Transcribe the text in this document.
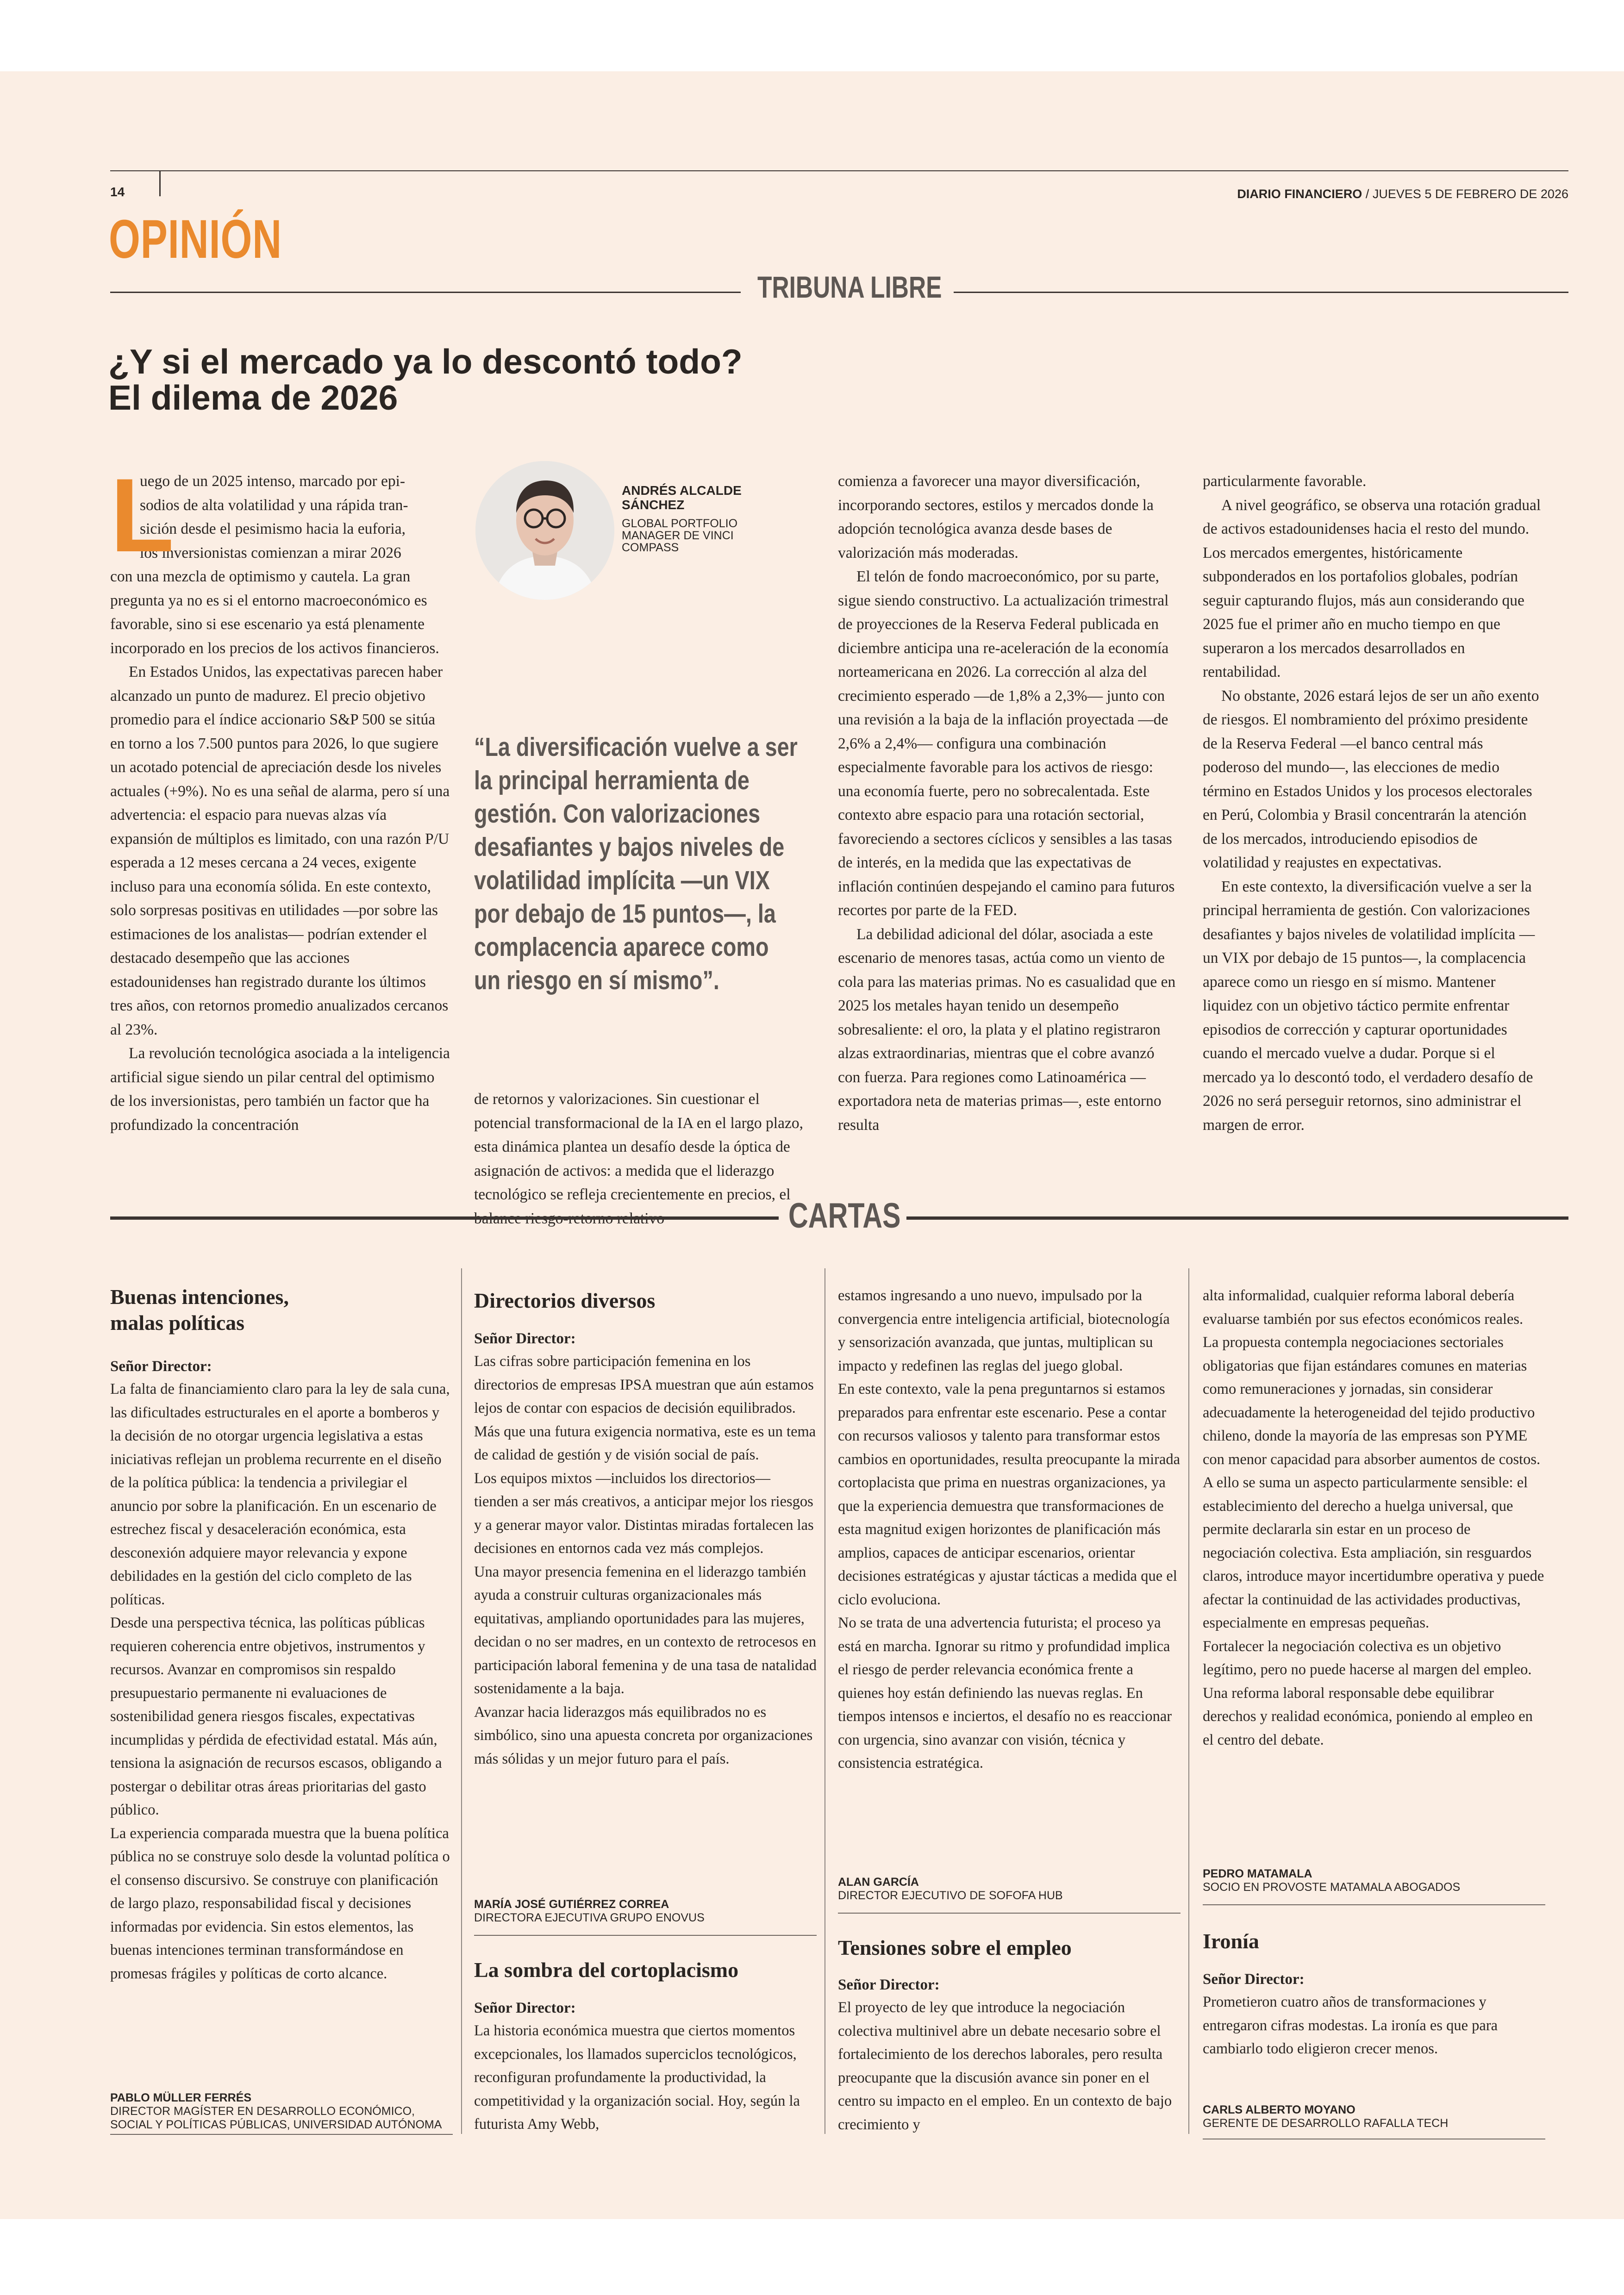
14	DIARIO FINANCIERO / JUEVES 5 DE FEBRERO DE 2026
OPINIÓN
TRIBUNA LIBRE
¿Y si el mercado ya lo descontó todo?
El dilema de 2026
L
uego de un 2025 intenso, marcado por epi-
sodios de alta volatilidad y una rápida tran-
sición desde el pesimismo hacia la euforia,
los inversionistas comienzan a mirar 2026

con una mezcla de optimismo y cautela. La gran pregunta ya no es si el entorno macroeconómico es favorable, sino si ese escenario ya está plenamente incorporado en los precios de los activos financieros.

En Estados Unidos, las expectativas parecen haber alcanzado un punto de madurez. El precio objetivo promedio para el índice accionario S&P 500 se sitúa en torno a los 7.500 puntos para 2026, lo que sugiere un acotado potencial de apreciación desde los niveles actuales (+9%). No es una señal de alarma, pero sí una advertencia: el espacio para nuevas alzas vía expansión de múltiplos es limitado, con una razón P/U esperada a 12 meses cercana a 24 veces, exigente incluso para una economía sólida. En este contexto, solo sorpresas positivas en utilidades —por sobre las estimaciones de los analistas— podrían extender el destacado desempeño que las acciones estadounidenses han registrado durante los últimos tres años, con retornos promedio anualizados cercanos al 23%.

La revolución tecnológica asociada a la inteligencia artificial sigue siendo un pilar central del optimismo de los inversionistas, pero también un factor que ha profundizado la concentración

ANDRÉS ALCALDE
SÁNCHEZ
GLOBAL PORTFOLIO
MANAGER DE VINCI
COMPASS
“La diversificación vuelve a ser la principal herramienta de gestión. Con valorizaciones desafiantes y bajos niveles de volatilidad implícita —un VIX por debajo de 15 puntos—, la complacencia aparece como un riesgo en sí mismo”.

de retornos y valorizaciones. Sin cuestionar el potencial transformacional de la IA en el largo plazo, esta dinámica plantea un desafío desde la óptica de asignación de activos: a medida que el liderazgo tecnológico se refleja crecientemente en precios, el

comienza a favorecer una mayor diversificación, incorporando sectores, estilos y mercados donde la adopción tecnológica avanza desde bases de valorización más moderadas.

El telón de fondo macroeconómico, por su parte, sigue siendo constructivo. La actualización trimestral de proyecciones de la Reserva Federal publicada en diciembre anticipa una re-aceleración de la economía norteamericana en 2026. La corrección al alza del crecimiento esperado —de 1,8% a 2,3%— junto con una revisión a la baja de la inflación proyectada —de 2,6% a 2,4%— configura una combinación especialmente favorable para los activos de riesgo: una economía fuerte, pero no sobrecalentada. Este contexto abre espacio para una rotación sectorial, favoreciendo a sectores cíclicos y sensibles a las tasas de interés, en la medida que las expectativas de inflación continúen despejando el camino para futuros recortes por parte de la FED.

La debilidad adicional del dólar, asociada a este escenario de menores tasas, actúa como un viento de cola para las materias primas. No es casualidad que en 2025 los metales hayan tenido un desempeño sobresaliente: el oro, la plata y el platino registraron alzas extraordinarias, mientras que el cobre avanzó con fuerza. Para regiones como Latinoamérica —exportadora neta de materias primas—, este entorno resulta

particularmente favorable.

A nivel geográfico, se observa una rotación gradual de activos estadounidenses hacia el resto del mundo. Los mercados emergentes, históricamente subponderados en los portafolios globales, podrían seguir capturando flujos, más aun considerando que 2025 fue el primer año en mucho tiempo en que superaron a los mercados desarrollados en rentabilidad.

No obstante, 2026 estará lejos de ser un año exento de riesgos. El nombramiento del próximo presidente de la Reserva Federal —el banco central más poderoso del mundo—, las elecciones de medio término en Estados Unidos y los procesos electorales en Perú, Colombia y Brasil concentrarán la atención de los mercados, introduciendo episodios de volatilidad y reajustes en expectativas.

En este contexto, la diversificación vuelve a ser la principal herramienta de gestión. Con valorizaciones desafiantes y bajos niveles de volatilidad implícita —un VIX por debajo de 15 puntos—, la complacencia aparece como un riesgo en sí mismo. Mantener liquidez con un objetivo táctico permite enfrentar episodios de corrección y capturar oportunidades cuando el mercado vuelve a dudar. Porque si el mercado ya lo descontó todo, el verdadero desafío de 2026 no será perseguir retornos, sino administrar el margen de error.

CARTAS
Buenas intenciones,
malas políticas
Señor Director:

La falta de financiamiento claro para la ley de sala cuna, las dificultades estructurales en el aporte a bomberos y la decisión de no otorgar urgencia legislativa a estas iniciativas reflejan un problema recurrente en el diseño de la política pública: la tendencia a privilegiar el anuncio por sobre la planificación. En un escenario de estrechez fiscal y desaceleración económica, esta desconexión adquiere mayor relevancia y expone debilidades en la gestión del ciclo completo de las políticas.

Desde una perspectiva técnica, las políticas públicas requieren coherencia entre objetivos, instrumentos y recursos. Avanzar en compromisos sin respaldo presupuestario permanente ni evaluaciones de sostenibilidad genera riesgos fiscales, expectativas incumplidas y pérdida de efectividad estatal. Más aún, tensiona la asignación de recursos escasos, obligando a postergar o debilitar otras áreas prioritarias del gasto público.

La experiencia comparada muestra que la buena política pública no se construye solo desde la voluntad política o el consenso discursivo. Se construye con planificación de largo plazo, responsabilidad fiscal y decisiones informadas por evidencia. Sin estos elementos, las buenas intenciones terminan transformándose en promesas frágiles y políticas de corto alcance.

PABLO MÜLLER FERRÉS
DIRECTOR MAGÍSTER EN DESARROLLO ECONÓMICO,
SOCIAL Y POLÍTICAS PÚBLICAS, UNIVERSIDAD AUTÓNOMA
Directorios diversos
Señor Director:

Las cifras sobre participación femenina en los directorios de empresas IPSA muestran que aún estamos lejos de contar con espacios de decisión equilibrados. Más que una futura exigencia normativa, este es un tema de calidad de gestión y de visión social de país.

Los equipos mixtos —incluidos los directorios— tienden a ser más creativos, a anticipar mejor los riesgos y a generar mayor valor. Distintas miradas fortalecen las decisiones en entornos cada vez más complejos.

Una mayor presencia femenina en el liderazgo también ayuda a construir culturas organizacionales más equitativas, ampliando oportunidades para las mujeres, decidan o no ser madres, en un contexto de retrocesos en participación laboral femenina y de una tasa de natalidad sostenidamente a la baja.

Avanzar hacia liderazgos más equilibrados no es simbólico, sino una apuesta concreta por organizaciones más sólidas y un mejor futuro para el país.

MARÍA JOSÉ GUTIÉRREZ CORREA
DIRECTORA EJECUTIVA GRUPO ENOVUS
La sombra del cortoplacismo
Señor Director:

La historia económica muestra que ciertos momentos excepcionales, los llamados superciclos tecnológicos, reconfiguran profundamente la productividad, la competitividad y la organización social. Hoy, según la futurista Amy Webb,

estamos ingresando a uno nuevo, impulsado por la convergencia entre inteligencia artificial, biotecnología y sensorización avanzada, que juntas, multiplican su impacto y redefinen las reglas del juego global.

En este contexto, vale la pena preguntarnos si estamos preparados para enfrentar este escenario. Pese a contar con recursos valiosos y talento para transformar estos cambios en oportunidades, resulta preocupante la mirada cortoplacista que prima en nuestras organizaciones, ya que la experiencia demuestra que transformaciones de esta magnitud exigen horizontes de planificación más amplios, capaces de anticipar escenarios, orientar decisiones estratégicas y ajustar tácticas a medida que el ciclo evoluciona.

No se trata de una advertencia futurista; el proceso ya está en marcha. Ignorar su ritmo y profundidad implica el riesgo de perder relevancia económica frente a quienes hoy están definiendo las nuevas reglas. En tiempos intensos e inciertos, el desafío no es reaccionar con urgencia, sino avanzar con visión, técnica y consistencia estratégica.

ALAN GARCÍA
DIRECTOR EJECUTIVO DE SOFOFA HUB
Tensiones sobre el empleo
Señor Director:

El proyecto de ley que introduce la negociación colectiva multinivel abre un debate necesario sobre el fortalecimiento de los derechos laborales, pero resulta preocupante que la discusión avance sin poner en el centro su impacto en el empleo. En un contexto de bajo crecimiento y

alta informalidad, cualquier reforma laboral debería evaluarse también por sus efectos económicos reales.

La propuesta contempla negociaciones sectoriales obligatorias que fijan estándares comunes en materias como remuneraciones y jornadas, sin considerar adecuadamente la heterogeneidad del tejido productivo chileno, donde la mayoría de las empresas son PYME con menor capacidad para absorber aumentos de costos.

A ello se suma un aspecto particularmente sensible: el establecimiento del derecho a huelga universal, que permite declararla sin estar en un proceso de negociación colectiva. Esta ampliación, sin resguardos claros, introduce mayor incertidumbre operativa y puede afectar la continuidad de las actividades productivas, especialmente en empresas pequeñas.

Fortalecer la negociación colectiva es un objetivo legítimo, pero no puede hacerse al margen del empleo. Una reforma laboral responsable debe equilibrar derechos y realidad económica, poniendo al empleo en el centro del debate.

PEDRO MATAMALA
SOCIO EN PROVOSTE MATAMALA ABOGADOS
Ironía
Señor Director:

Prometieron cuatro años de transformaciones y entregaron cifras modestas. La ironía es que para cambiarlo todo eligieron crecer menos.

CARLS ALBERTO MOYANO
GERENTE DE DESARROLLO RAFALLA TECH
